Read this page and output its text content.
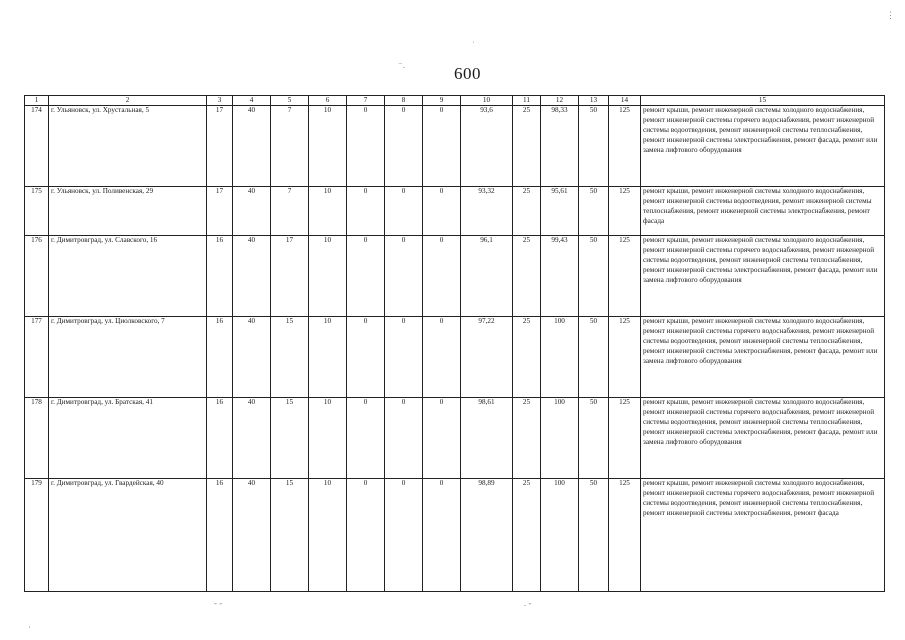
600
⋮
ˈ
⁻.
1	2	3	4	5	6	7	8	9	10	11	12	13	14	15
174	г. Ульяновск, ул. Хрустальная, 5	17	40	7	10	0	0	0	93,6	25	98,33	50	125	ремонт крыши, ремонт инженерной системы холодного водоснабжения, ремонт инженерной системы горячего водоснабжения, ремонт инженерной системы водоотведения, ремонт инженерной системы теплоснабжения, ремонт инженерной системы электроснабжения, ремонт фасада, ремонт или замена лифтового оборудования
175	г. Ульяновск, ул. Поливенская, 29	17	40	7	10	0	0	0	93,32	25	95,61	50	125	ремонт крыши, ремонт инженерной системы холодного водоснабжения, ремонт инженерной системы водоотведения, ремонт инженерной системы теплоснабжения, ремонт инженерной системы электроснабжения, ремонт фасада
176	г. Димитровград, ул. Славского, 16	16	40	17	10	0	0	0	96,1	25	99,43	50	125	ремонт крыши, ремонт инженерной системы холодного водоснабжения, ремонт инженерной системы горячего водоснабжения, ремонт инженерной системы водоотведения, ремонт инженерной системы теплоснабжения, ремонт инженерной системы электроснабжения, ремонт фасада, ремонт или замена лифтового оборудования
177	г. Димитровград, ул. Циолковского, 7	16	40	15	10	0	0	0	97,22	25	100	50	125	ремонт крыши, ремонт инженерной системы холодного водоснабжения, ремонт инженерной системы горячего водоснабжения, ремонт инженерной системы водоотведения, ремонт инженерной системы теплоснабжения, ремонт инженерной системы электроснабжения, ремонт фасада, ремонт или замена лифтового оборудования
178	г. Димитровград, ул. Братская, 41	16	40	15	10	0	0	0	98,61	25	100	50	125	ремонт крыши, ремонт инженерной системы холодного водоснабжения, ремонт инженерной системы горячего водоснабжения, ремонт инженерной системы водоотведения, ремонт инженерной системы теплоснабжения, ремонт инженерной системы электроснабжения, ремонт фасада, ремонт или замена лифтового оборудования
179	г. Димитровград, ул. Гвардейская, 40	16	40	15	10	0	0	0	98,89	25	100	50	125	ремонт крыши, ремонт инженерной системы холодного водоснабжения, ремонт инженерной системы горячего водоснабжения, ремонт инженерной системы водоотведения, ремонт инженерной системы теплоснабжения, ремонт инженерной системы электроснабжения, ремонт фасада
- -	. -
·
